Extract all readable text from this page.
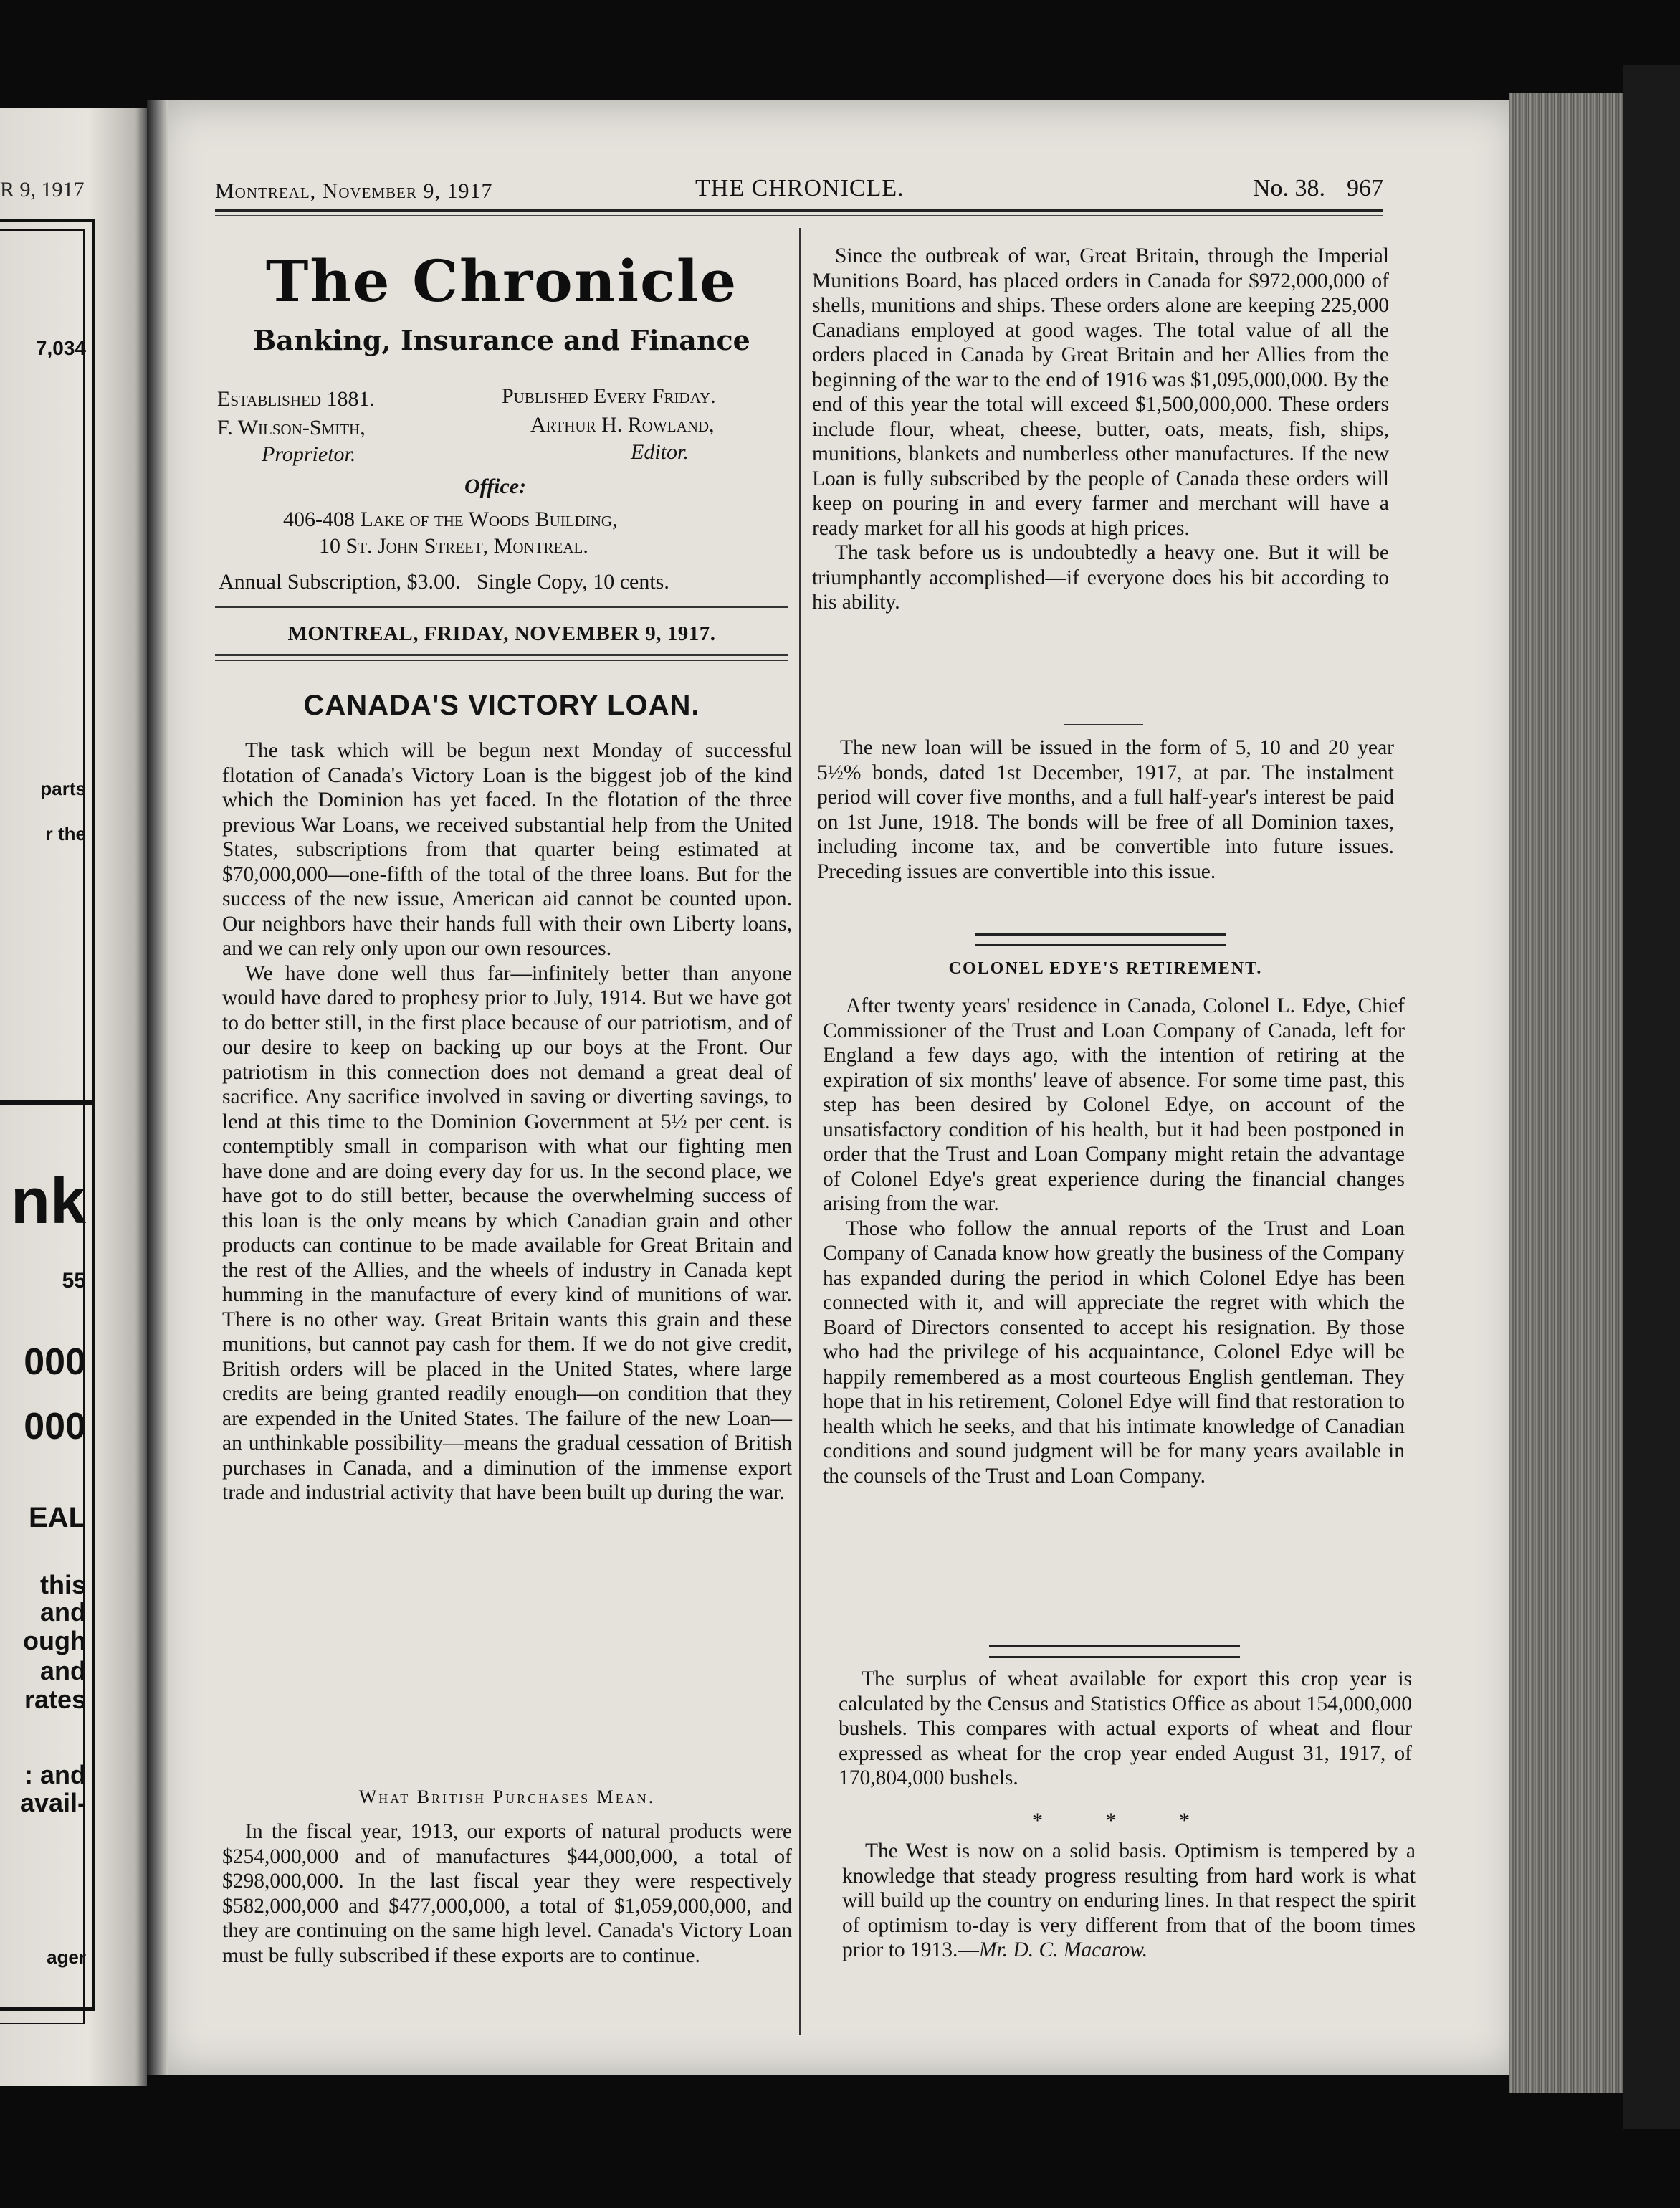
R 9, 1917
7,034
parts
r the
nk
55
000
000
EAL
this
and
ough
and
rates
: and
avail-
ager
Montreal, November 9, 1917	THE CHRONICLE.	No. 38. 967
The Chronicle
Banking, Insurance and Finance
Established 1881.	Published Every Friday.
F. Wilson-Smith,	Arthur H. Rowland,
Proprietor.	Editor.
Office:
406-408 Lake of the Woods Building,
10 St. John Street, Montreal.
Annual Subscription, $3.00.   Single Copy, 10 cents.
MONTREAL, FRIDAY, NOVEMBER 9, 1917.
CANADA'S VICTORY LOAN.

The task which will be begun next Monday of successful flotation of Canada's Victory Loan is the biggest job of the kind which the Dominion has yet faced. In the flotation of the three previous War Loans, we received substantial help from the United States, subscriptions from that quarter being estimated at $70,000,000—one-fifth of the total of the three loans. But for the success of the new issue, American aid cannot be counted upon. Our neighbors have their hands full with their own Liberty loans, and we can rely only upon our own resources.

We have done well thus far—infinitely better than anyone would have dared to prophesy prior to July, 1914. But we have got to do better still, in the first place because of our patriotism, and of our desire to keep on backing up our boys at the Front. Our patriotism in this connection does not demand a great deal of sacrifice. Any sacrifice involved in saving or diverting savings, to lend at this time to the Dominion Government at 5½ per cent. is contemptibly small in comparison with what our fighting men have done and are doing every day for us. In the second place, we have got to do still better, because the overwhelming success of this loan is the only means by which Canadian grain and other products can continue to be made available for Great Britain and the rest of the Allies, and the wheels of industry in Canada kept humming in the manufacture of every kind of munitions of war. There is no other way. Great Britain wants this grain and these munitions, but cannot pay cash for them. If we do not give credit, British orders will be placed in the United States, where large credits are being granted readily enough—on condition that they are expended in the United States. The failure of the new Loan—an unthinkable possibility—means the gradual cessation of British purchases in Canada, and a diminution of the immense export trade and industrial activity that have been built up during the war.

What British Purchases Mean.

In the fiscal year, 1913, our exports of natural products were $254,000,000 and of manufactures $44,000,000, a total of $298,000,000. In the last fiscal year they were respectively $582,000,000 and $477,000,000, a total of $1,059,000,000, and they are continuing on the same high level. Canada's Victory Loan must be fully subscribed if these exports are to continue.

Since the outbreak of war, Great Britain, through the Imperial Munitions Board, has placed orders in Canada for $972,000,000 of shells, munitions and ships. These orders alone are keeping 225,000 Canadians employed at good wages. The total value of all the orders placed in Canada by Great Britain and her Allies from the beginning of the war to the end of 1916 was $1,095,000,000. By the end of this year the total will exceed $1,500,000,000. These orders include flour, wheat, cheese, butter, oats, meats, fish, ships, munitions, blankets and numberless other manufactures. If the new Loan is fully subscribed by the people of Canada these orders will keep on pouring in and every farmer and merchant will have a ready market for all his goods at high prices.

The task before us is undoubtedly a heavy one. But it will be triumphantly accomplished—if everyone does his bit according to his ability.

The new loan will be issued in the form of 5, 10 and 20 year 5½% bonds, dated 1st December, 1917, at par. The instalment period will cover five months, and a full half-year's interest be paid on 1st June, 1918. The bonds will be free of all Dominion taxes, including income tax, and be convertible into future issues. Preceding issues are convertible into this issue.

COLONEL EDYE'S RETIREMENT.

After twenty years' residence in Canada, Colonel L. Edye, Chief Commissioner of the Trust and Loan Company of Canada, left for England a few days ago, with the intention of retiring at the expiration of six months' leave of absence. For some time past, this step has been desired by Colonel Edye, on account of the unsatisfactory condition of his health, but it had been postponed in order that the Trust and Loan Company might retain the advantage of Colonel Edye's great experience during the financial changes arising from the war.

Those who follow the annual reports of the Trust and Loan Company of Canada know how greatly the business of the Company has expanded during the period in which Colonel Edye has been connected with it, and will appreciate the regret with which the Board of Directors consented to accept his resignation. By those who had the privilege of his acquaintance, Colonel Edye will be happily remembered as a most courteous English gentleman. They hope that in his retirement, Colonel Edye will find that restoration to health which he seeks, and that his intimate knowledge of Canadian conditions and sound judgment will be for many years available in the counsels of the Trust and Loan Company.

The surplus of wheat available for export this crop year is calculated by the Census and Statistics Office as about 154,000,000 bushels. This compares with actual exports of wheat and flour expressed as wheat for the crop year ended August 31, 1917, of 170,804,000 bushels.

* * *

The West is now on a solid basis. Optimism is tempered by a knowledge that steady progress resulting from hard work is what will build up the country on enduring lines. In that respect the spirit of optimism to-day is very different from that of the boom times prior to 1913.—Mr. D. C. Macarow.
